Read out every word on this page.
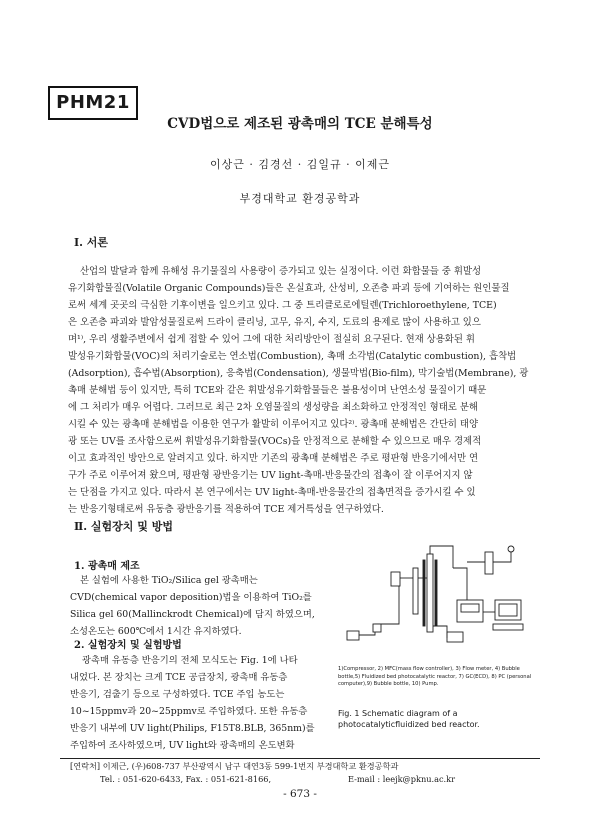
PHM21
CVD법으로 제조된 광촉매의 TCE 분해특성
이상근 · 김경선 · 김일규 · 이제근
부경대학교 환경공학과
Ⅰ. 서론
산업의 발달과 함께 유해성 유기물질의 사용량이 증가되고 있는 실정이다. 이런 화합물들 중 휘발성
유기화합물질(Volatile Organic Compounds)들은 온실효과, 산성비, 오존층 파괴 등에 기여하는 원인물질
로써 세계 곳곳의 극심한 기후이변을 일으키고 있다. 그 중 트리클로로에틸렌(Trichloroethylene, TCE)
은 오존층 파괴와 발암성물질로써 드라이 클리닝, 고무, 유지, 수지, 도료의 용제로 많이 사용하고 있으
며¹⁾, 우리 생활주변에서 쉽게 접할 수 있어 그에 대한 처리방안이 절실히 요구된다. 현재 상용화된 휘
발성유기화합물(VOC)의 처리기술로는 연소법(Combustion), 촉매 소각법(Catalytic combustion), 흡착법
(Adsorption), 흡수법(Absorption), 응축법(Condensation), 생물막법(Bio-film), 막기술법(Membrane), 광
촉매 분해법 등이 있지만, 특히 TCE와 같은 휘발성유기화합물들은 불용성이며 난연소성 물질이기 때문
에 그 처리가 매우 어렵다. 그러므로 최근 2차 오염물질의 생성량을 최소화하고 안정적인 형태로 분해
시킬 수 있는 광촉매 분해법을 이용한 연구가 활발히 이루어지고 있다²⁾. 광촉매 분해법은 간단히 태양
광 또는 UV를 조사함으로써 휘발성유기화합물(VOCs)을 안정적으로 분해할 수 있으므로 매우 경제적
이고 효과적인 방안으로 알려지고 있다. 하지만 기존의 광촉매 분해법은 주로 평판형 반응기에서만 연
구가 주로 이루어져 왔으며, 평판형 광반응기는 UV light-촉매-반응물간의 접촉이 잘 이루어지지 않
는 단점을 가지고 있다. 따라서 본 연구에서는 UV light-촉매-반응물간의 접촉면적을 증가시킬 수 있
는 반응기형태로써 유동층 광반응기를 적용하여 TCE 제거특성을 연구하였다.
Ⅱ. 실험장치 및 방법
1. 광촉매 제조
본 실험에 사용한 TiO₂/Silica gel 광촉매는
CVD(chemical vapor deposition)법을 이용하여 TiO₂를
Silica gel 60(Mallinckrodt Chemical)에 담지 하였으며,
소성온도는 600℃에서 1시간 유지하였다.
2. 실험장치 및 실험방법
광촉매 유동층 반응기의 전체 모식도는 Fig. 1에 나타
내었다. 본 장치는 크게 TCE 공급장치, 광촉매 유동층
반응기, 검출기 등으로 구성하였다. TCE 주입 농도는
10~15ppmv과 20~25ppmv로 주입하였다. 또한 유동층
반응기 내부에 UV light(Philips, F15T8.BLB, 365nm)를
주입하여 조사하였으며, UV light와 광촉매의 온도변화
1)Compressor, 2) MFC(mass flow controller), 3) Flow meter, 4) Bubble bottle,5) Fluidized bed photocatalytic reactor, 7) GC(ECD), 8) PC (personal computer),9) Bubble bottle, 10) Pump.
Fig. 1 Schematic diagram of a photocatalyticfluidized bed reactor.
[연락처] 이제근, (우)608-737 부산광역시 남구 대연3동 599-1번지 부경대학교 환경공학과
Tel. : 051-620-6433, Fax. : 051-621-8166,	E-mail : leejk@pknu.ac.kr
- 673 -
